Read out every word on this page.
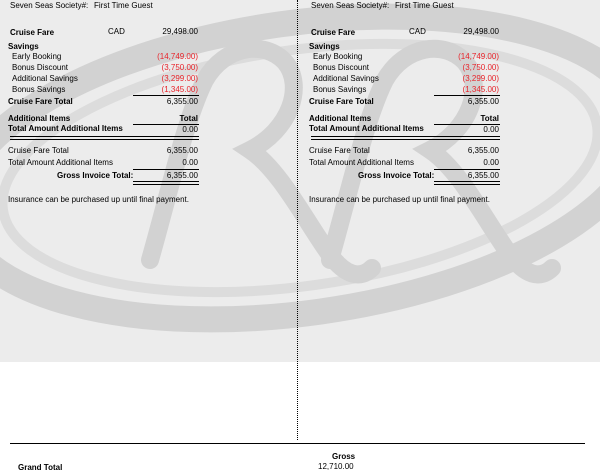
Seven Seas Society#: First Time Guest
Cruise Fare	CAD	29,498.00
Savings
Early Booking	(14,749.00)
Bonus Discount	(3,750.00)
Additional Savings	(3,299.00)
Bonus Savings	(1,345.00)
Cruise Fare Total	6,355.00
Additional Items	Total
Total Amount Additional Items	0.00
Cruise Fare Total	6,355.00
Total Amount Additional Items	0.00
Gross Invoice Total:	6,355.00
Insurance can be purchased up until final payment.
Seven Seas Society#: First Time Guest
Cruise Fare	CAD	29,498.00
Savings
Early Booking	(14,749.00)
Bonus Discount	(3,750.00)
Additional Savings	(3,299.00)
Bonus Savings	(1,345.00)
Cruise Fare Total	6,355.00
Additional Items	Total
Total Amount Additional Items	0.00
Cruise Fare Total	6,355.00
Total Amount Additional Items	0.00
Gross Invoice Total:	6,355.00
Insurance can be purchased up until final payment.
Gross
Grand Total	12,710.00
